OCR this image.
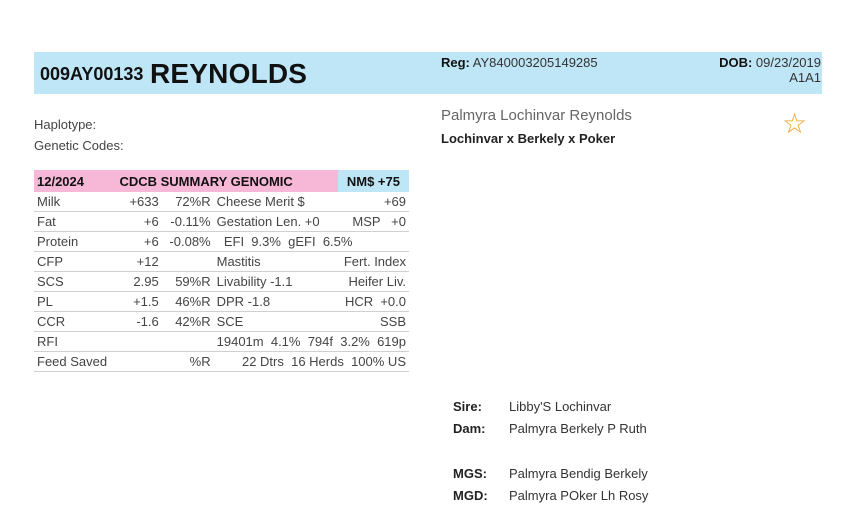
009AY00133 REYNOLDS	Reg: AY840003205149285	DOB: 09/23/2019
A1A1
Haplotype:
Genetic Codes:
Palmyra Lochinvar Reynolds
Lochinvar x Berkely x Poker	☆
12/2024	CDCB SUMMARY GENOMIC			NM$ +75
Milk	+633	72%R	Cheese Merit $	+69
Fat	+6	-0.11%	Gestation Len. +0	MSP   +0
Protein	+6	-0.08%	EFI  9.3%  gEFI  6.5%	
CFP	+12		Mastitis	Fert. Index
SCS	2.95	59%R	Livability -1.1	Heifer Liv.
PL	+1.5	46%R	DPR -1.8	HCR  +0.0
CCR	-1.6	42%R	SCE	SSB
RFI			19401m  4.1%  794f  3.2%  619p	
Feed Saved		%R	22 Dtrs  16 Herds  100% US	
Sire: Libby'S Lochinvar
Dam: Palmyra Berkely P Ruth
MGS: Palmyra Bendig Berkely
MGD: Palmyra POker Lh Rosy
